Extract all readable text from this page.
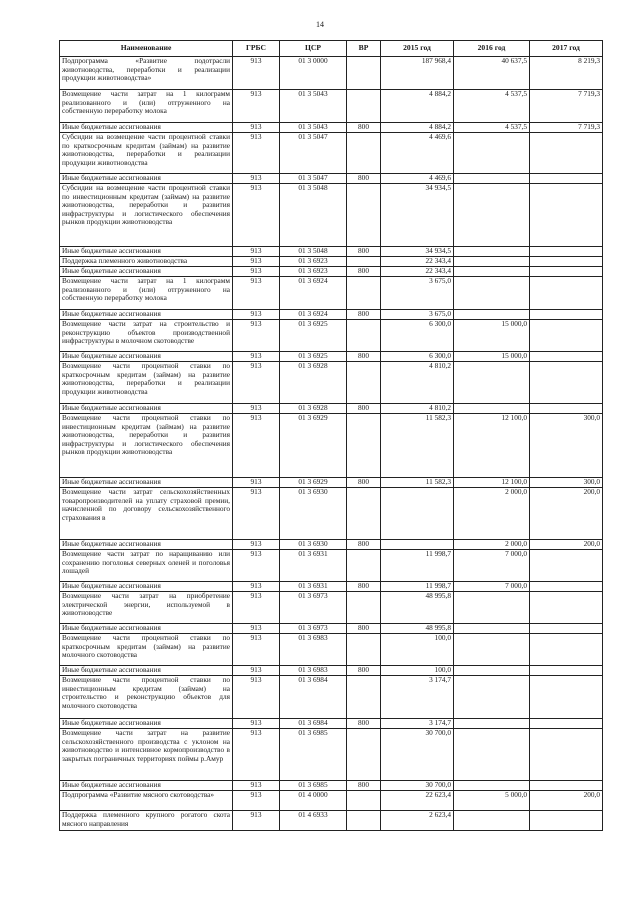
14
Наименование	ГРБС	ЦСР	ВР	2015 год	2016 год	2017 год
Подпрограмма «Развитие подотрасли животноводства, переработки и реализации продукции животноводства»	913	01 3 0000		187 968,4	40 637,5	8 219,3
Возмещение части затрат на 1 килограмм реализованного и (или) отгруженного на собственную переработку молока	913	01 3 5043		4 884,2	4 537,5	7 719,3
Иные бюджетные ассигнования	913	01 3 5043	800	4 884,2	4 537,5	7 719,3
Субсидии на возмещение части процентной ставки по краткосрочным кредитам (займам) на развитие животноводства, переработки и реализации продукции животноводства	913	01 3 5047		4 469,6		
Иные бюджетные ассигнования	913	01 3 5047	800	4 469,6		
Субсидии на возмещение части процентной ставки по инвестиционным кредитам (займам) на развитие животноводства, переработки и развития инфраструктуры и логистического обеспечения рынков продукции животноводства	913	01 3 5048		34 934,5		
Иные бюджетные ассигнования	913	01 3 5048	800	34 934,5		
Поддержка племенного животноводства	913	01 3 6923		22 343,4		
Иные бюджетные ассигнования	913	01 3 6923	800	22 343,4		
Возмещение части затрат на 1 килограмм реализованного и (или) отгруженного на собственную переработку молока	913	01 3 6924		3 675,0		
Иные бюджетные ассигнования	913	01 3 6924	800	3 675,0		
Возмещение части затрат на строительство и реконструкцию объектов производственной инфраструктуры в молочном скотоводстве	913	01 3 6925		6 300,0	15 000,0	
Иные бюджетные ассигнования	913	01 3 6925	800	6 300,0	15 000,0	
Возмещение части процентной ставки по краткосрочным кредитам (займам) на развитие животноводства, переработки и реализации продукции животноводства	913	01 3 6928		4 810,2		
Иные бюджетные ассигнования	913	01 3 6928	800	4 810,2		
Возмещение части процентной ставки по инвестиционным кредитам (займам) на развитие животноводства, переработки и развития инфраструктуры и логистического обеспечения рынков продукции животноводства	913	01 3 6929		11 582,3	12 100,0	300,0
Иные бюджетные ассигнования	913	01 3 6929	800	11 582,3	12 100,0	300,0
Возмещение части затрат сельскохозяйственных товаропроизводителей на уплату страховой премии, начисленной по договору сельскохозяйственного страхования в	913	01 3 6930			2 000,0	200,0
Иные бюджетные ассигнования	913	01 3 6930	800		2 000,0	200,0
Возмещение части затрат по наращиванию или сохранению поголовья северных оленей и поголовья лошадей	913	01 3 6931		11 998,7	7 000,0	
Иные бюджетные ассигнования	913	01 3 6931	800	11 998,7	7 000,0	
Возмещение части затрат на приобретение электрической энергии, используемой в животноводстве	913	01 3 6973		48 995,8		
Иные бюджетные ассигнования	913	01 3 6973	800	48 995,8		
Возмещение части процентной ставки по краткосрочным кредитам (займам) на развитие молочного скотоводства	913	01 3 6983		100,0		
Иные бюджетные ассигнования	913	01 3 6983	800	100,0		
Возмещение части процентной ставки по инвестиционным кредитам (займам) на строительство и реконструкцию объектов для молочного скотоводства	913	01 3 6984		3 174,7		
Иные бюджетные ассигнования	913	01 3 6984	800	3 174,7		
Возмещение части затрат на развитие сельскохозяйственного производства с уклоном на животноводство и интенсивное кормопроизводство в закрытых пограничных территориях поймы р.Амур	913	01 3 6985		30 700,0		
Иные бюджетные ассигнования	913	01 3 6985	800	30 700,0		
Подпрограмма «Развитие мясного скотоводства»	913	01 4 0000		22 623,4	5 000,0	200,0
Поддержка племенного крупного рогатого скота мясного направления	913	01 4 6933		2 623,4		
